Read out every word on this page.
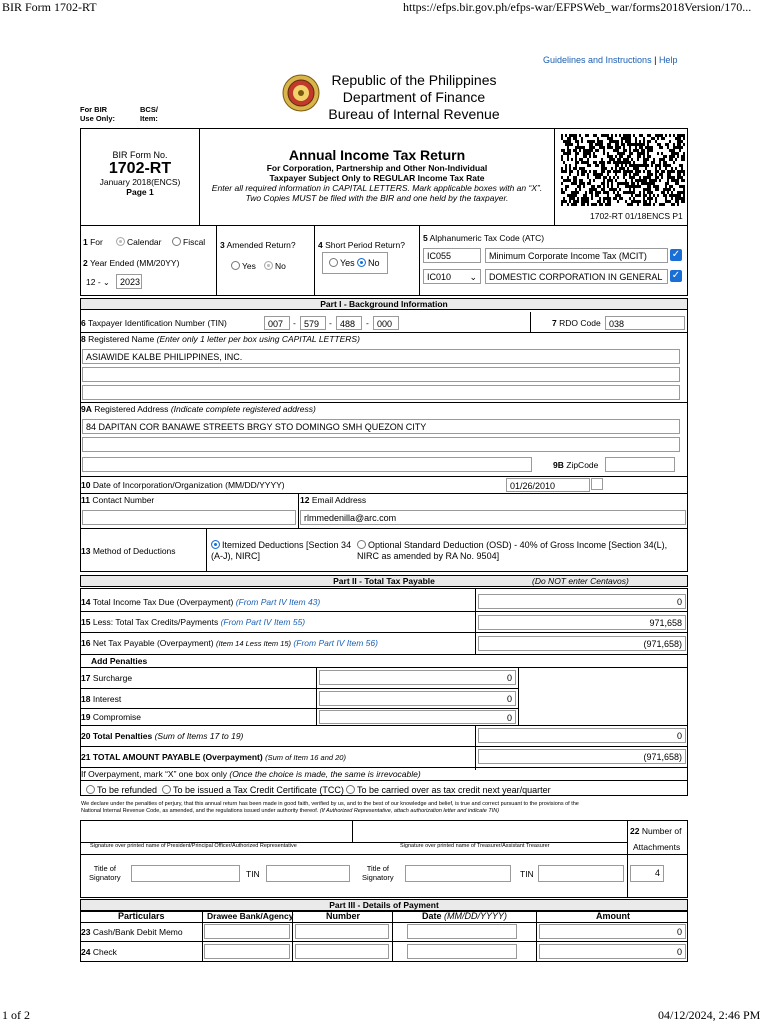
BIR Form 1702-RT	https://efps.bir.gov.ph/efps-war/EFPSWeb_war/forms2018Version/170...
1 of 2	04/12/2024, 2:46 PM
Guidelines and Instructions | Help
Republic of the Philippines
Department of Finance
Bureau of Internal Revenue
For BIR
Use Only:
BCS/
Item:
BIR Form No.
1702-RT
January 2018(ENCS)
Page 1
Annual Income Tax Return
For Corporation, Partnership and Other Non-Individual
Taxpayer Subject Only to REGULAR Income Tax Rate
Enter all required information in CAPITAL LETTERS. Mark applicable boxes with an “X”.
Two Copies MUST be filed with the BIR and one held by the taxpayer.
1702-RT 01/18ENCS P1
1 For	Calendar	Fiscal
2 Year Ended (MM/20YY)
12 - ⌄	2023
3 Amended Return?
Yes	No
4 Short Period Return?
Yes	No
5 Alphanumeric Tax Code (ATC)
IC055	Minimum Corporate Income Tax (MCIT)	✓
IC010 ⌄	DOMESTIC CORPORATION IN GENERAL ✓
Part I - Background Information
6 Taxpayer Identification Number (TIN)	007	- 579	- 488	- 000	7 RDO Code 038
8 Registered Name (Enter only 1 letter per box using CAPITAL LETTERS)
ASIAWIDE KALBE PHILIPPINES, INC.
9A Registered Address (Indicate complete registered address)
84 DAPITAN COR BANAWE STREETS BRGY STO DOMINGO SMH QUEZON CITY
9B ZipCode
10 Date of Incorporation/Organization (MM/DD/YYYY)	01/26/2010
11 Contact Number	12 Email Address
rlmmedenilla@arc.com
13 Method of Deductions
Itemized Deductions [Section 34
(A-J), NIRC]
Optional Standard Deduction (OSD) - 40% of Gross Income [Section 34(L),
NIRC as amended by RA No. 9504]
Part II - Total Tax Payable	(Do NOT enter Centavos)
14 Total Income Tax Due (Overpayment) (From Part IV Item 43)	0
15 Less: Total Tax Credits/Payments (From Part IV Item 55)	971,658
16 Net Tax Payable (Overpayment) (Item 14 Less Item 15) (From Part IV Item 56)	(971,658)
Add Penalties
17 Surcharge	0
18 Interest	0
19 Compromise	0
20 Total Penalties (Sum of Items 17 to 19)	0
21 TOTAL AMOUNT PAYABLE (Overpayment) (Sum of Item 16 and 20)	(971,658)
If Overpayment, mark “X” one box only (Once the choice is made, the same is irrevocable)
To be refunded	To be issued a Tax Credit Certificate (TCC)	To be carried over as tax credit next year/quarter
We declare under the penalties of perjury, that this annual return has been made in good faith, verified by us, and to the best of our knowledge and belief, is true and correct pursuant to the provisions of the
National Internal Revenue Code, as amended, and the regulations issued under authority thereof. (If Authorized Representative, attach authorization letter and indicate TIN)
Signature over printed name of President/Principal Officer/Authorized Representative	Signature over printed name of Treasurer/Assistant Treasurer
22 Number of
Attachments
Title of
Signatory	TIN
Title of
Signatory	TIN	4
Part III - Details of Payment
Particulars	Drawee Bank/Agency	Number	Date (MM/DD/YYYY)	Amount
23 Cash/Bank Debit Memo	0
24 Check	0
